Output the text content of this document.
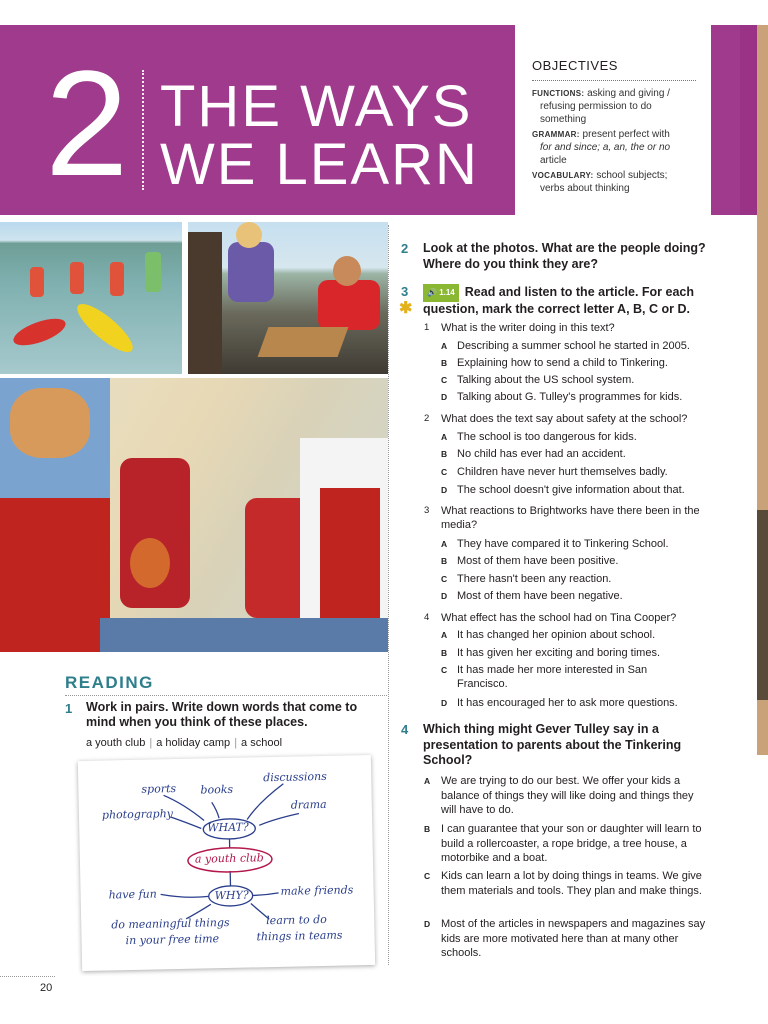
2 THE WAYS
WE LEARN
OBJECTIVES
FUNCTIONS: asking and giving /
refusing permission to do
something
GRAMMAR: present perfect with
for and since; a, an, the or no
article
VOCABULARY: school subjects;
verbs about thinking
READING
1 Work in pairs. Write down words that come to mind when you think of these places.
a youth club | a holiday camp | a school
sports books
discussions
photography
drama
WHAT?
a youth club
WHY?
have fun	make friends
do meaningful things
in your free time
learn to do
things in teams
2 Look at the photos. What are the people doing? Where do you think they are?
3
✱
🔊 1.14 Read and listen to the article. For each question, mark the correct letter A, B, C or D.
1 What is the writer doing in this text?
A Describing a summer school he started in 2005.
B Explaining how to send a child to Tinkering.
C Talking about the US school system.
D Talking about G. Tulley's programmes for kids.
2 What does the text say about safety at the school?
A The school is too dangerous for kids.
B No child has ever had an accident.
C Children have never hurt themselves badly.
D The school doesn't give information about that.
3 What reactions to Brightworks have there been in the media?
A They have compared it to Tinkering School.
B Most of them have been positive.
C There hasn't been any reaction.
D Most of them have been negative.
4 What effect has the school had on Tina Cooper?
A It has changed her opinion about school.
B It has given her exciting and boring times.
C It has made her more interested in San Francisco.
D It has encouraged her to ask more questions.
4 Which thing might Gever Tulley say in a presentation to parents about the Tinkering School?
A We are trying to do our best. We offer your kids a balance of things they will like doing and things they will have to do.
B I can guarantee that your son or daughter will learn to build a rollercoaster, a rope bridge, a tree house, a motorbike and a boat.
C Kids can learn a lot by doing things in teams. We give them materials and tools. They plan and make things.
D Most of the articles in newspapers and magazines say kids are more motivated here than at many other schools.
20
